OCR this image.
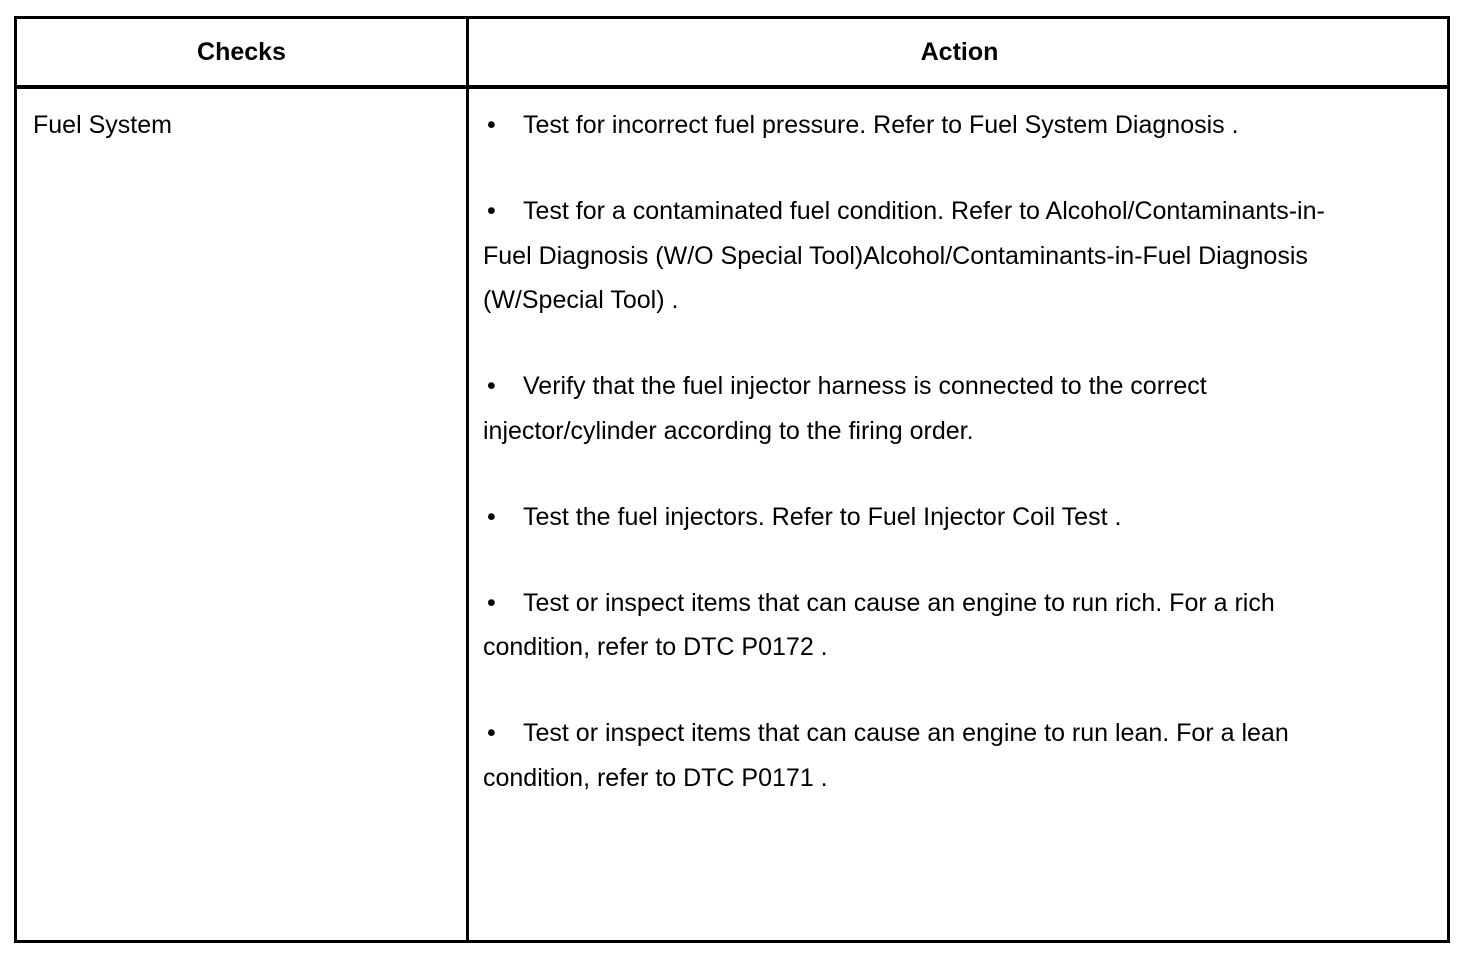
Checks	Action
Fuel System	• Test for incorrect fuel pressure. Refer to Fuel System Diagnosis .
• Test for a contaminated fuel condition. Refer to Alcohol/Contaminants-in-Fuel Diagnosis (W/O Special Tool)Alcohol/Contaminants-in-Fuel Diagnosis (W/Special Tool) .
• Verify that the fuel injector harness is connected to the correct injector/cylinder according to the firing order.
• Test the fuel injectors. Refer to Fuel Injector Coil Test .
• Test or inspect items that can cause an engine to run rich. For a rich condition, refer to DTC P0172 .
• Test or inspect items that can cause an engine to run lean. For a lean condition, refer to DTC P0171 .
